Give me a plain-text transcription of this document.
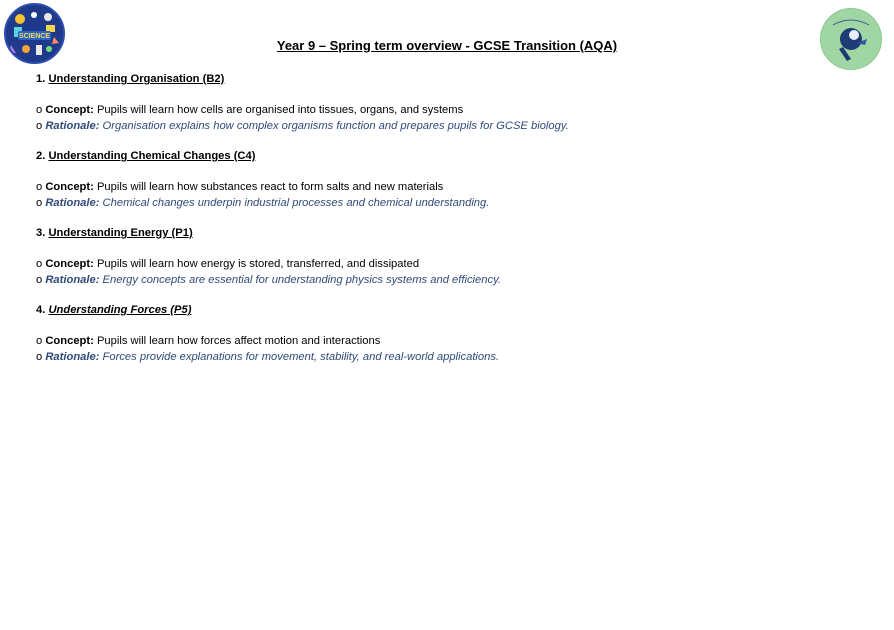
SCIENCE
Year 9 – Spring term overview - GCSE Transition (AQA)

1. Understanding Organisation (B2)

o Concept: Pupils will learn how cells are organised into tissues, organs, and systems

o Rationale: Organisation explains how complex organisms function and prepares pupils for GCSE biology.

2. Understanding Chemical Changes (C4)

o Concept: Pupils will learn how substances react to form salts and new materials

o Rationale: Chemical changes underpin industrial processes and chemical understanding.

3. Understanding Energy (P1)

o Concept: Pupils will learn how energy is stored, transferred, and dissipated

o Rationale: Energy concepts are essential for understanding physics systems and efficiency.

4. Understanding Forces (P5)

o Concept: Pupils will learn how forces affect motion and interactions

o Rationale: Forces provide explanations for movement, stability, and real-world applications.
